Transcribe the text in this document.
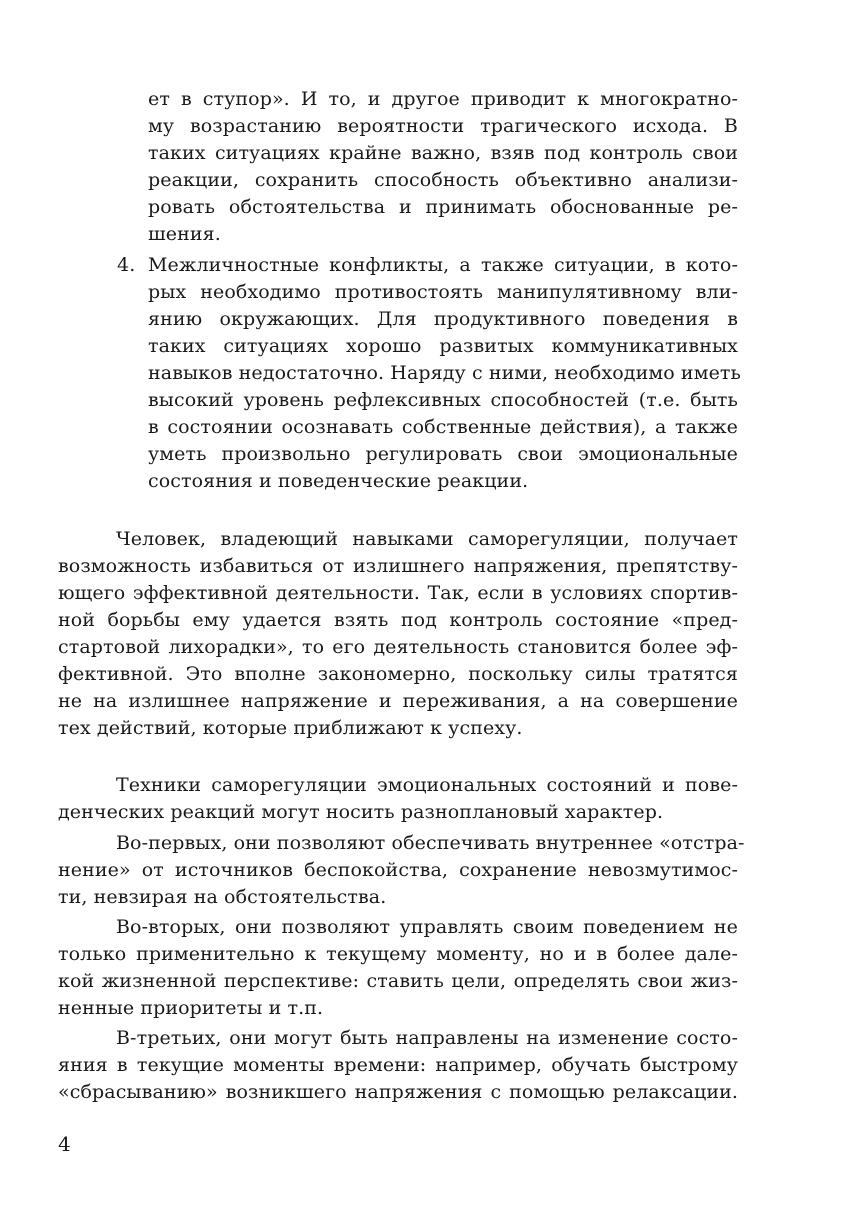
ет в ступор». И то, и другое приводит к многократно-

му возрастанию вероятности трагического исхода. В

таких ситуациях крайне важно, взяв под контроль свои

реакции, сохранить способность объективно анализи-

ровать обстоятельства и принимать обоснованные ре-

шения.

4. Межличностные конфликты, а также ситуации, в кото-

рых необходимо противостоять манипулятивному вли-

янию окружающих. Для продуктивного поведения в

таких ситуациях хорошо развитых коммуникативных

навыков недостаточно. Наряду с ними, необходимо иметь

высокий уровень рефлексивных способностей (т.е. быть

в состоянии осознавать собственные действия), а также

уметь произвольно регулировать свои эмоциональные

состояния и поведенческие реакции.

Человек, владеющий навыками саморегуляции, получает

возможность избавиться от излишнего напряжения, препятству-

ющего эффективной деятельности. Так, если в условиях спортив-

ной борьбы ему удается взять под контроль состояние «пред-

стартовой лихорадки», то его деятельность становится более эф-

фективной. Это вполне закономерно, поскольку силы тратятся

не на излишнее напряжение и переживания, а на совершение

тех действий, которые приближают к успеху.

Техники саморегуляции эмоциональных состояний и пове-

денческих реакций могут носить разноплановый характер.

Во-первых, они позволяют обеспечивать внутреннее «отстра-

нение» от источников беспокойства, сохранение невозмутимос-

ти, невзирая на обстоятельства.

Во-вторых, они позволяют управлять своим поведением не

только применительно к текущему моменту, но и в более дале-

кой жизненной перспективе: ставить цели, определять свои жиз-

ненные приоритеты и т.п.

В-третьих, они могут быть направлены на изменение состо-

яния в текущие моменты времени: например, обучать быстрому

«сбрасыванию» возникшего напряжения с помощью релаксации.

4
